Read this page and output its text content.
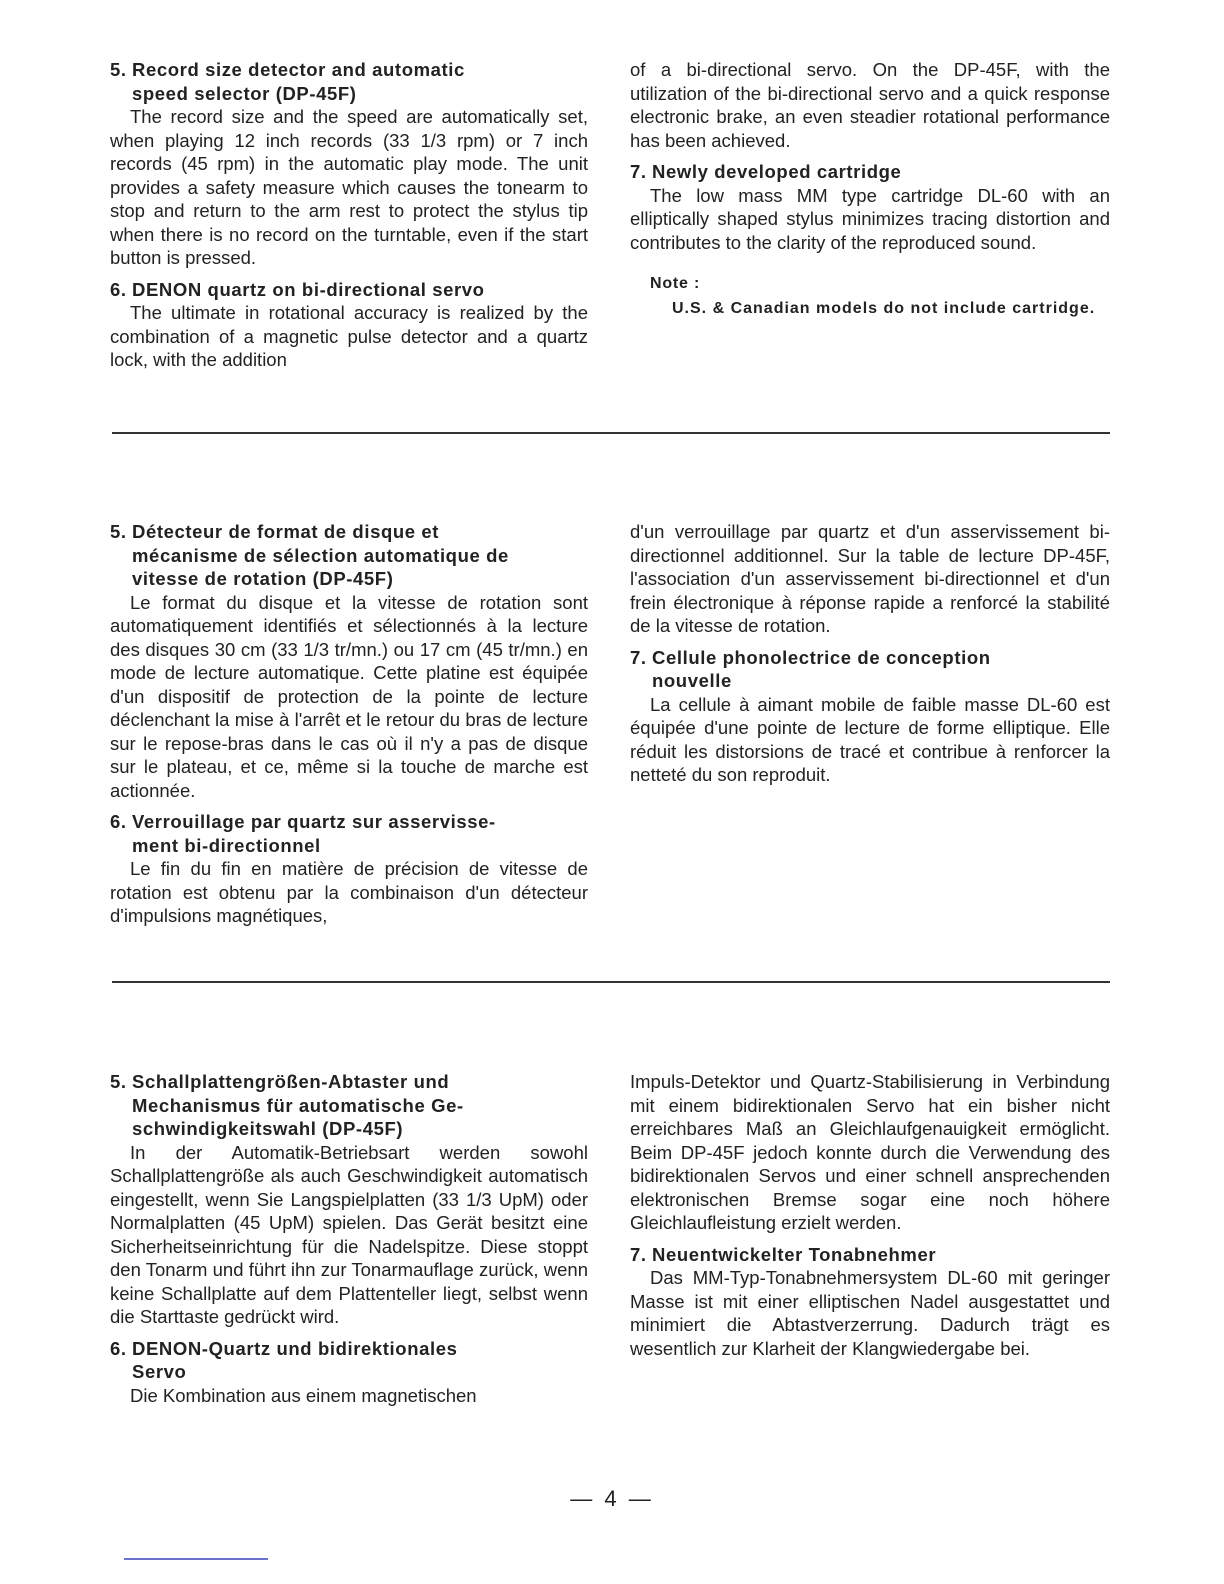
5. Record size detector and automatic
speed selector (DP-45F)

The record size and the speed are automatically set, when playing 12 inch records (33 1/3 rpm) or 7 inch records (45 rpm) in the automatic play mode. The unit provides a safety measure which causes the tonearm to stop and return to the arm rest to protect the stylus tip when there is no record on the turntable, even if the start button is pressed.

6. DENON quartz on bi-directional servo

The ultimate in rotational accuracy is realized by the combination of a magnetic pulse detector and a quartz lock, with the addition

of a bi-directional servo. On the DP-45F, with the utilization of the bi-directional servo and a quick response electronic brake, an even steadier rotational performance has been achieved.

7. Newly developed cartridge

The low mass MM type cartridge DL-60 with an elliptically shaped stylus minimizes tracing distortion and contributes to the clarity of the reproduced sound.

Note :

U.S. & Canadian models do not include cartridge.

5. Détecteur de format de disque et
mécanisme de sélection automatique de
vitesse de rotation (DP-45F)

Le format du disque et la vitesse de rotation sont automatiquement identifiés et sélectionnés à la lecture des disques 30 cm (33 1/3 tr/mn.) ou 17 cm (45 tr/mn.) en mode de lecture automatique. Cette platine est équipée d'un dispositif de protection de la pointe de lecture déclenchant la mise à l'arrêt et le retour du bras de lecture sur le repose-bras dans le cas où il n'y a pas de disque sur le plateau, et ce, même si la touche de marche est actionnée.

6. Verrouillage par quartz sur asservisse-
ment bi-directionnel

Le fin du fin en matière de précision de vitesse de rotation est obtenu par la combinaison d'un détecteur d'impulsions magnétiques,

d'un verrouillage par quartz et d'un asservissement bi-directionnel additionnel. Sur la table de lecture DP-45F, l'association d'un asservissement bi-directionnel et d'un frein électronique à réponse rapide a renforcé la stabilité de la vitesse de rotation.

7. Cellule phonolectrice de conception
nouvelle

La cellule à aimant mobile de faible masse DL-60 est équipée d'une pointe de lecture de forme elliptique. Elle réduit les distorsions de tracé et contribue à renforcer la netteté du son reproduit.

5. Schallplattengrößen-Abtaster und
Mechanismus für automatische Ge-
schwindigkeitswahl (DP-45F)

In der Automatik-Betriebsart werden sowohl Schallplattengröße als auch Geschwindigkeit automatisch eingestellt, wenn Sie Langspielplatten (33 1/3 UpM) oder Normalplatten (45 UpM) spielen. Das Gerät besitzt eine Sicherheitseinrichtung für die Nadelspitze. Diese stoppt den Tonarm und führt ihn zur Tonarmauflage zurück, wenn keine Schallplatte auf dem Plattenteller liegt, selbst wenn die Starttaste gedrückt wird.

6. DENON-Quartz und bidirektionales
Servo

Die Kombination aus einem magnetischen

Impuls-Detektor und Quartz-Stabilisierung in Verbindung mit einem bidirektionalen Servo hat ein bisher nicht erreichbares Maß an Gleichlaufgenauigkeit ermöglicht. Beim DP-45F jedoch konnte durch die Verwendung des bidirektionalen Servos und einer schnell ansprechenden elektronischen Bremse sogar eine noch höhere Gleichlaufleistung erzielt werden.

7. Neuentwickelter Tonabnehmer

Das MM-Typ-Tonabnehmersystem DL-60 mit geringer Masse ist mit einer elliptischen Nadel ausgestattet und minimiert die Abtastverzerrung. Dadurch trägt es wesentlich zur Klarheit der Klangwiedergabe bei.

— 4 —
